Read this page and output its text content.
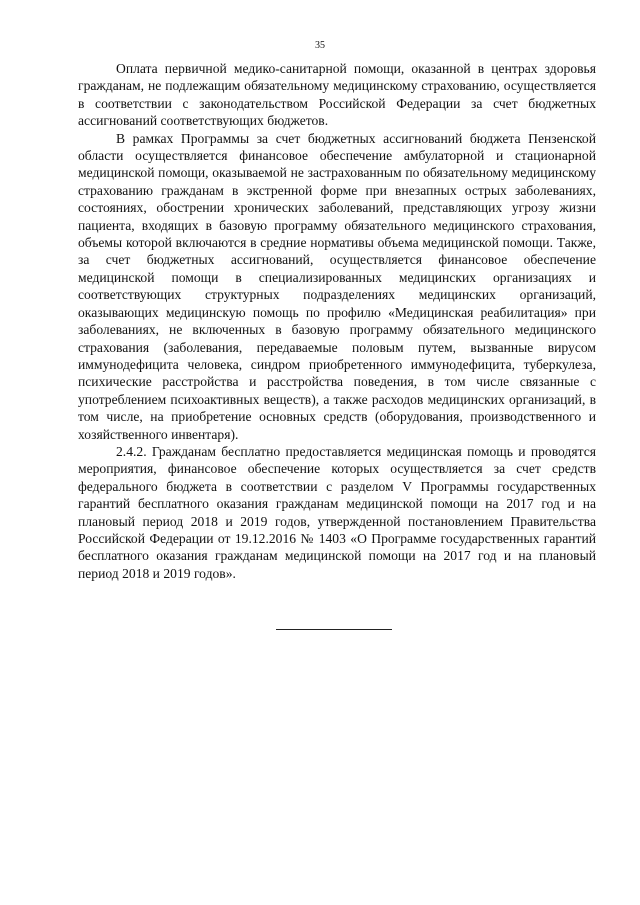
35

Оплата первичной медико-санитарной помощи, оказанной в центрах здоровья гражданам, не подлежащим обязательному медицинскому страхованию, осуществляется в соответствии с законодательством Российской Федерации за счет бюджетных ассигнований соответствующих бюджетов.

В рамках Программы за счет бюджетных ассигнований бюджета Пензенской области осуществляется финансовое обеспечение амбулаторной и стационарной медицинской помощи, оказываемой не застрахованным по обязательному медицинскому страхованию гражданам в экстренной форме при внезапных острых заболеваниях, состояниях, обострении хронических заболеваний, представляющих угрозу жизни пациента, входящих в базовую программу обязательного медицинского страхования, объемы которой включаются в средние нормативы объема медицинской помощи. Также, за счет бюджетных ассигнований, осуществляется финансовое обеспечение медицинской помощи в специализированных медицинских организациях и соответствующих структурных подразделениях медицинских организаций, оказывающих медицинскую помощь по профилю «Медицинская реабилитация» при заболеваниях, не включенных в базовую программу обязательного медицинского страхования (заболевания, передаваемые половым путем, вызванные вирусом иммунодефицита человека, синдром приобретенного иммунодефицита, туберкулеза, психические расстройства и расстройства поведения, в том числе связанные с употреблением психоактивных веществ), а также расходов медицинских организаций, в том числе, на приобретение основных средств (оборудования, производственного и хозяйственного инвентаря).

2.4.2. Гражданам бесплатно предоставляется медицинская помощь и проводятся мероприятия, финансовое обеспечение которых осуществляется за счет средств федерального бюджета в соответствии с разделом V Программы государственных гарантий бесплатного оказания гражданам медицинской помощи на 2017 год и на плановый период 2018 и 2019 годов, утвержденной постановлением Правительства Российской Федерации от 19.12.2016 № 1403 «О Программе государственных гарантий бесплатного оказания гражданам медицинской помощи на 2017 год и на плановый период 2018 и 2019 годов».
